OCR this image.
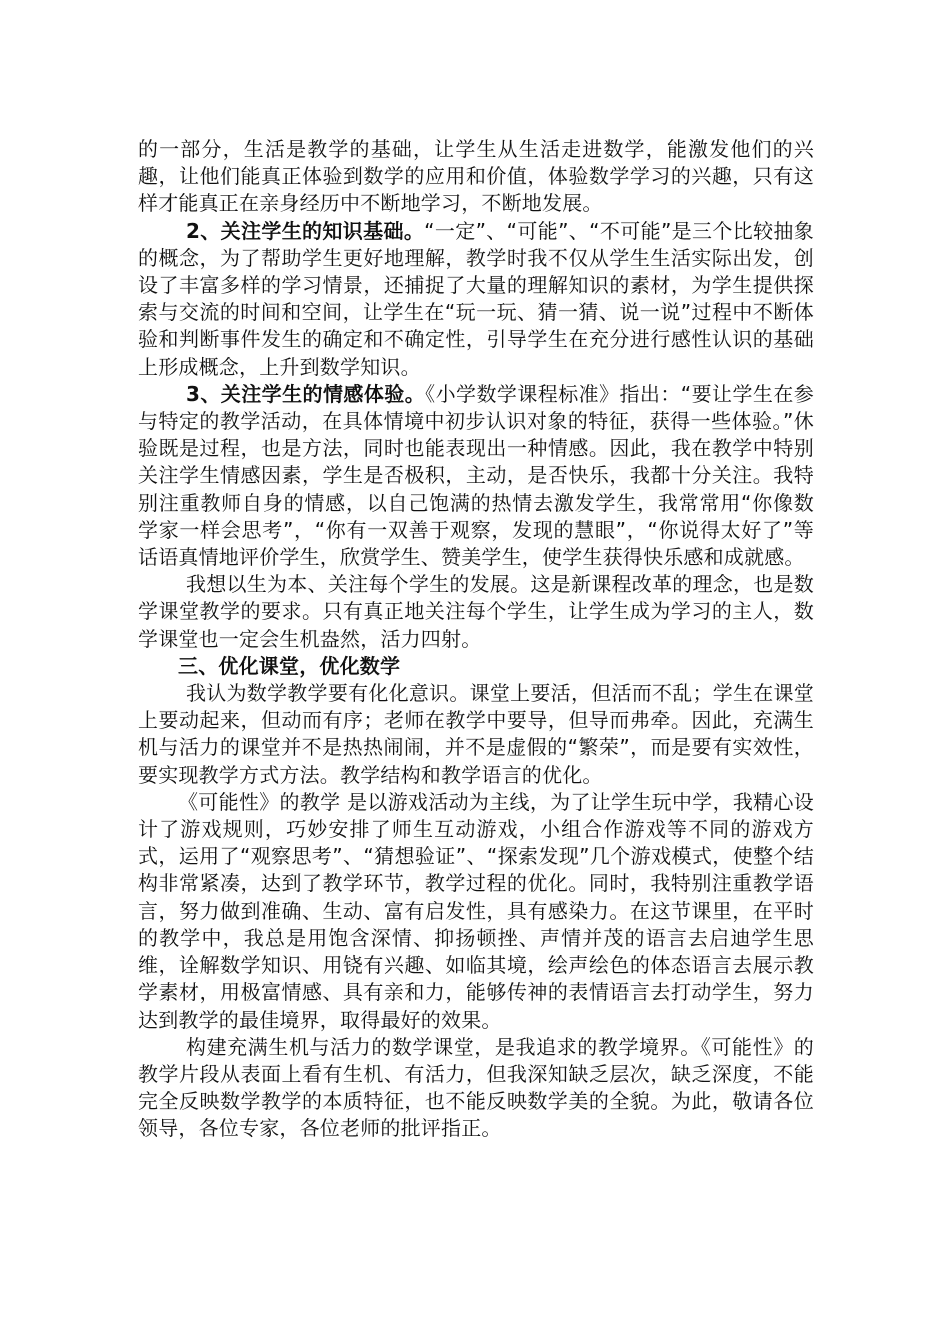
的一部分，生活是教学的基础，让学生从生活走进数学，能激发他们的兴趣，让他们能真正体验到数学的应用和价值，体验数学学习的兴趣，只有这样才能真正在亲身经历中不断地学习，不断地发展。

2、关注学生的知识基础。“一定”、“可能”、“不可能”是三个比较抽象的概念，为了帮助学生更好地理解，教学时我不仅从学生生活实际出发，创设了丰富多样的学习情景，还捕捉了大量的理解知识的素材，为学生提供探索与交流的时间和空间，让学生在“玩一玩、猜一猜、说一说”过程中不断体验和判断事件发生的确定和不确定性，引导学生在充分进行感性认识的基础上形成概念，上升到数学知识。

3、关注学生的情感体验。《小学数学课程标准》指出：“要让学生在参与特定的教学活动，在具体情境中初步认识对象的特征，获得一些体验。”休验既是过程，也是方法，同时也能表现出一种情感。因此，我在教学中特别关注学生情感因素，学生是否极积，主动，是否快乐，我都十分关注。我特别注重教师自身的情感，以自己饱满的热情去激发学生，我常常用“你像数学家一样会思考”，“你有一双善于观察，发现的慧眼”，“你说得太好了”等话语真情地评价学生，欣赏学生、赞美学生，使学生获得快乐感和成就感。

我想以生为本、关注每个学生的发展。这是新课程改革的理念，也是数学课堂教学的要求。只有真正地关注每个学生，让学生成为学习的主人，数学课堂也一定会生机盎然，活力四射。

三、优化课堂，优化数学

我认为数学教学要有化化意识。课堂上要活，但活而不乱；学生在课堂上要动起来，但动而有序；老师在教学中要导，但导而弗牵。因此，充满生机与活力的课堂并不是热热闹闹，并不是虚假的“繁荣”，而是要有实效性，要实现教学方式方法。教学结构和教学语言的优化。

《可能性》的教学 是以游戏活动为主线，为了让学生玩中学，我精心设计了游戏规则，巧妙安排了师生互动游戏，小组合作游戏等不同的游戏方式，运用了“观察思考”、“猜想验证”、“探索发现”几个游戏模式，使整个结构非常紧凑，达到了教学环节，教学过程的优化。同时，我特别注重教学语言，努力做到准确、生动、富有启发性，具有感染力。在这节课里，在平时的教学中，我总是用饱含深情、抑扬顿挫、声情并茂的语言去启迪学生思维，诠解数学知识、用铙有兴趣、如临其境，绘声绘色的体态语言去展示教学素材，用极富情感、具有亲和力，能够传神的表情语言去打动学生，努力达到教学的最佳境界，取得最好的效果。

构建充满生机与活力的数学课堂，是我追求的教学境界。《可能性》的教学片段从表面上看有生机、有活力，但我深知缺乏层次，缺乏深度，不能完全反映数学教学的本质特征，也不能反映数学美的全貌。为此，敬请各位领导，各位专家，各位老师的批评指正。
